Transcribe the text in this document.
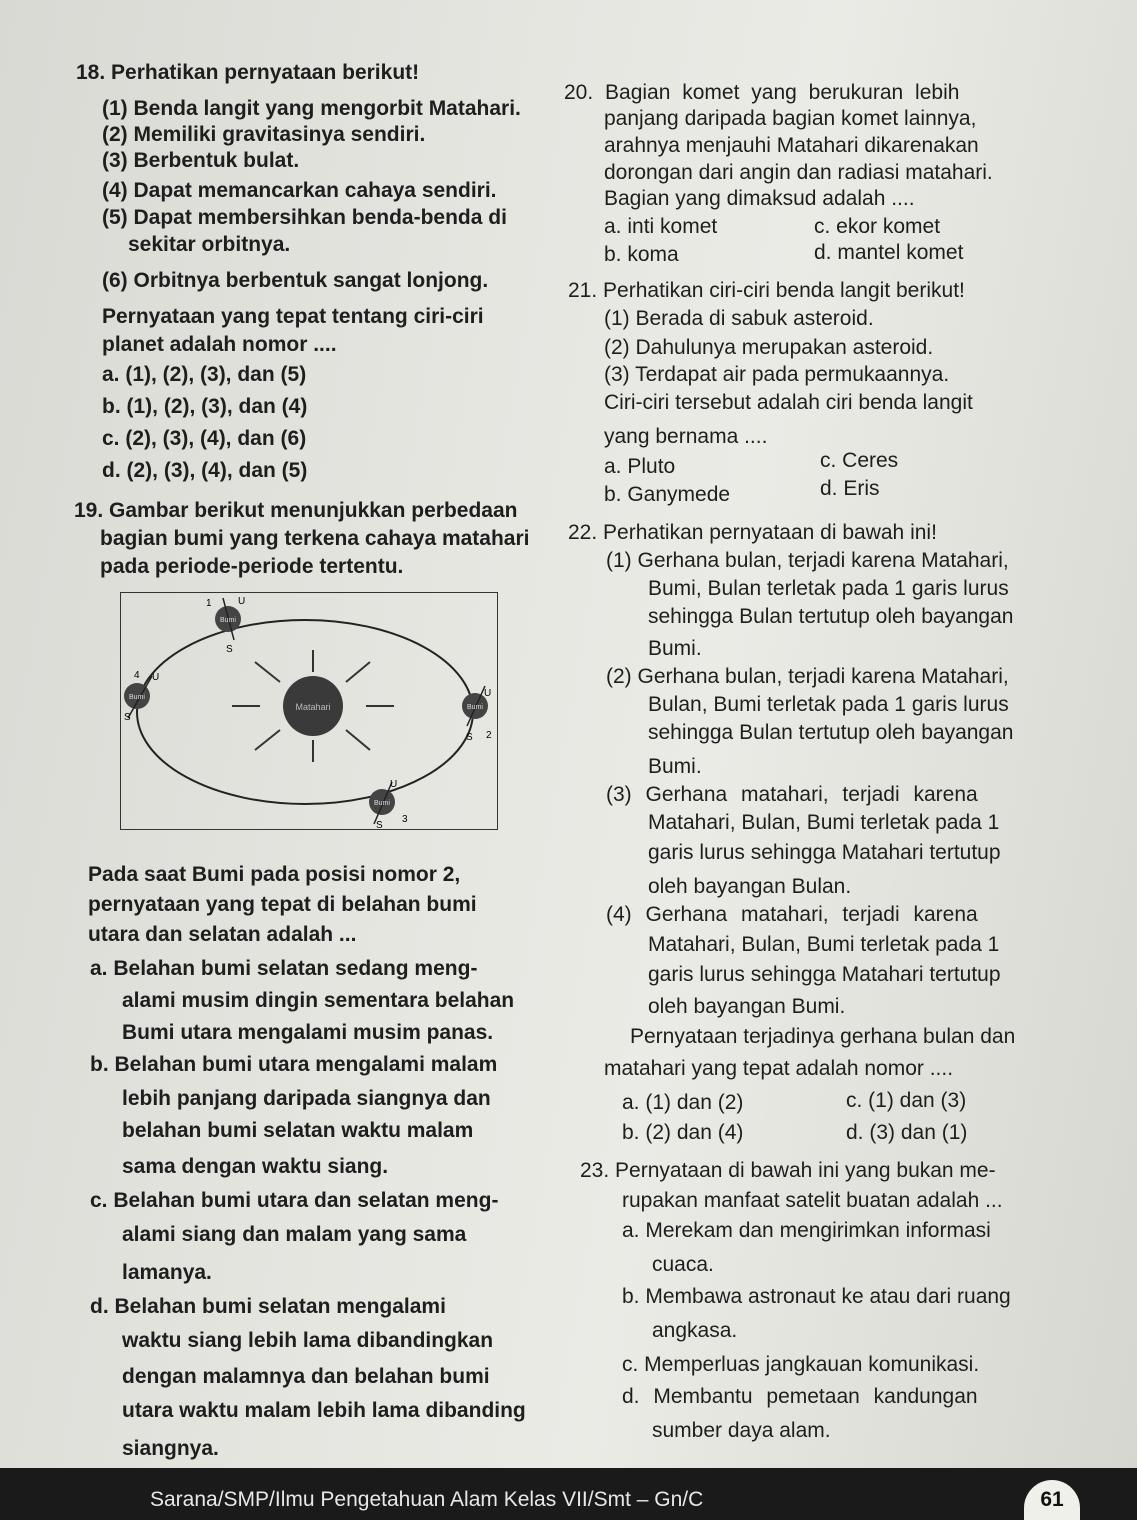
18. Perhatikan pernyataan berikut!
(1) Benda langit yang mengorbit Matahari.
(2) Memiliki gravitasinya sendiri.
(3) Berbentuk bulat.
(4) Dapat memancarkan cahaya sendiri.
(5) Dapat membersihkan benda-benda di
sekitar orbitnya.
(6) Orbitnya berbentuk sangat lonjong.
Pernyataan yang tepat tentang ciri-ciri
planet adalah nomor ....
a. (1), (2), (3), dan (5)
b. (1), (2), (3), dan (4)
c. (2), (3), (4), dan (6)
d. (2), (3), (4), dan (5)
19. Gambar berikut menunjukkan perbedaan
bagian bumi yang terkena cahaya matahari
pada periode-periode tertentu.
Matahari
Bumi
1	U
S
Bumi
U
S 2
Bumi
U
S
3
Bumi
4 U
S
Pada saat Bumi pada posisi nomor 2,
pernyataan yang tepat di belahan bumi
utara dan selatan adalah ...
a. Belahan bumi selatan sedang meng-
alami musim dingin sementara belahan
Bumi utara mengalami musim panas.
b. Belahan bumi utara mengalami malam
lebih panjang daripada siangnya dan
belahan bumi selatan waktu malam
sama dengan waktu siang.
c. Belahan bumi utara dan selatan meng-
alami siang dan malam yang sama
lamanya.
d. Belahan bumi selatan mengalami
waktu siang lebih lama dibandingkan
dengan malamnya dan belahan bumi
utara waktu malam lebih lama dibanding
siangnya.
20. Bagian komet yang berukuran lebih
panjang daripada bagian komet lainnya,
arahnya menjauhi Matahari dikarenakan
dorongan dari angin dan radiasi matahari.
Bagian yang dimaksud adalah ....
a. inti komet	c. ekor komet
b. koma	d. mantel komet
21. Perhatikan ciri-ciri benda langit berikut!
(1) Berada di sabuk asteroid.
(2) Dahulunya merupakan asteroid.
(3) Terdapat air pada permukaannya.
Ciri-ciri tersebut adalah ciri benda langit
yang bernama ....
a. Pluto	c. Ceres
b. Ganymede	d. Eris
22. Perhatikan pernyataan di bawah ini!
(1) Gerhana bulan, terjadi karena Matahari,
Bumi, Bulan terletak pada 1 garis lurus
sehingga Bulan tertutup oleh bayangan
Bumi.
(2) Gerhana bulan, terjadi karena Matahari,
Bulan, Bumi terletak pada 1 garis lurus
sehingga Bulan tertutup oleh bayangan
Bumi.
(3) Gerhana matahari, terjadi karena
Matahari, Bulan, Bumi terletak pada 1
garis lurus sehingga Matahari tertutup
oleh bayangan Bulan.
(4) Gerhana matahari, terjadi karena
Matahari, Bulan, Bumi terletak pada 1
garis lurus sehingga Matahari tertutup
oleh bayangan Bumi.
Pernyataan terjadinya gerhana bulan dan
matahari yang tepat adalah nomor ....
a. (1) dan (2)	c. (1) dan (3)
b. (2) dan (4)	d. (3) dan (1)
23. Pernyataan di bawah ini yang bukan me-
rupakan manfaat satelit buatan adalah ...
a. Merekam dan mengirimkan informasi
cuaca.
b. Membawa astronaut ke atau dari ruang
angkasa.
c. Memperluas jangkauan komunikasi.
d. Membantu pemetaan kandungan
sumber daya alam.
Sarana/SMP/Ilmu Pengetahuan Alam Kelas VII/Smt – Gn/C	61
